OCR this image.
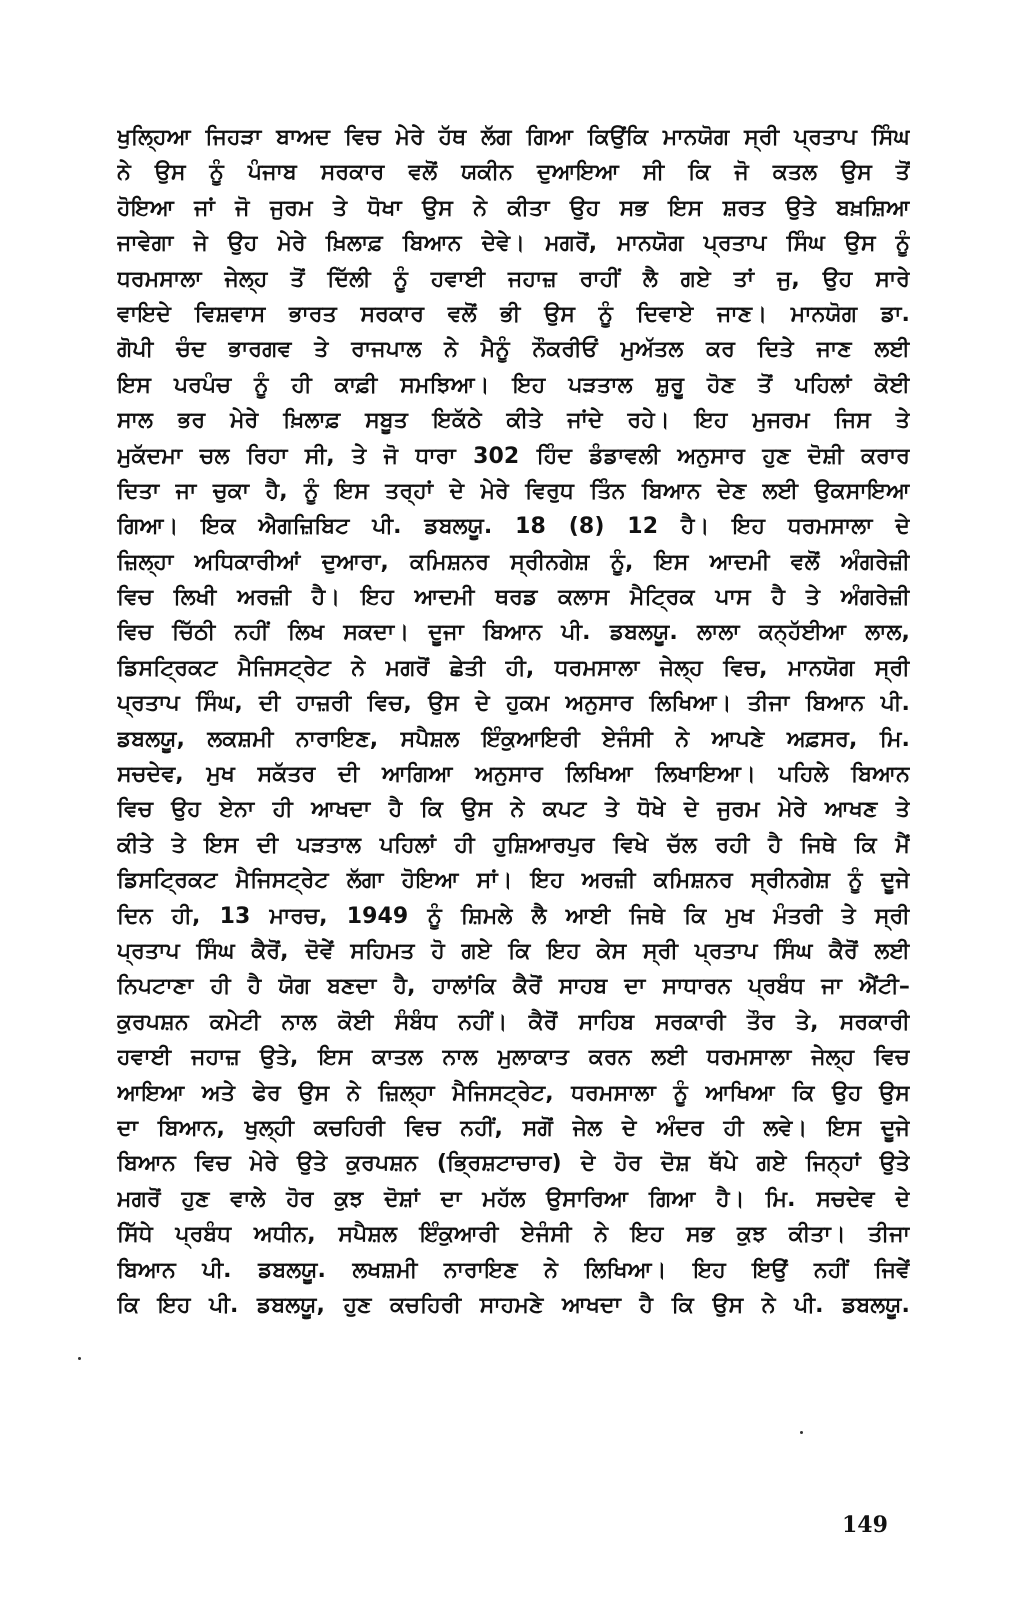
ਖੁਲ੍ਹਿਆ ਜਿਹੜਾ ਬਾਅਦ ਵਿਚ ਮੇਰੇ ਹੱਥ ਲੱਗ ਗਿਆ ਕਿਉਂਕਿ ਮਾਨਯੋਗ ਸ੍ਰੀ ਪ੍ਰਤਾਪ ਸਿੰਘ
ਨੇ ਉਸ ਨੂੰ ਪੰਜਾਬ ਸਰਕਾਰ ਵਲੋਂ ਯਕੀਨ ਦੁਆਇਆ ਸੀ ਕਿ ਜੋ ਕਤਲ ਉਸ ਤੋਂ
ਹੋਇਆ ਜਾਂ ਜੋ ਜੁਰਮ ਤੇ ਧੋਖਾ ਉਸ ਨੇ ਕੀਤਾ ਉਹ ਸਭ ਇਸ ਸ਼ਰਤ ਉਤੇ ਬਖ਼ਸ਼ਿਆ
ਜਾਵੇਗਾ ਜੇ ਉਹ ਮੇਰੇ ਖ਼ਿਲਾਫ਼ ਬਿਆਨ ਦੇਵੇ। ਮਗਰੋਂ, ਮਾਨਯੋਗ ਪ੍ਰਤਾਪ ਸਿੰਘ ਉਸ ਨੂੰ
ਧਰਮਸਾਲਾ ਜੇਲ੍ਹ ਤੋਂ ਦਿੱਲੀ ਨੂੰ ਹਵਾਈ ਜਹਾਜ਼ ਰਾਹੀਂ ਲੈ ਗਏ ਤਾਂ ਜੁ, ਉਹ ਸਾਰੇ
ਵਾਇਦੇ ਵਿਸ਼ਵਾਸ ਭਾਰਤ ਸਰਕਾਰ ਵਲੋਂ ਭੀ ਉਸ ਨੂੰ ਦਿਵਾਏ ਜਾਣ। ਮਾਨਯੋਗ ਡਾ.
ਗੋਪੀ ਚੰਦ ਭਾਰਗਵ ਤੇ ਰਾਜਪਾਲ ਨੇ ਮੈਨੂੰ ਨੌਕਰੀਓਂ ਮੁਅੱਤਲ ਕਰ ਦਿਤੇ ਜਾਣ ਲਈ
ਇਸ ਪਰਪੰਚ ਨੂੰ ਹੀ ਕਾਫ਼ੀ ਸਮਝਿਆ। ਇਹ ਪੜਤਾਲ ਸ਼ੁਰੂ ਹੋਣ ਤੋਂ ਪਹਿਲਾਂ ਕੋਈ
ਸਾਲ ਭਰ ਮੇਰੇ ਖ਼ਿਲਾਫ਼ ਸਬੂਤ ਇਕੱਠੇ ਕੀਤੇ ਜਾਂਦੇ ਰਹੇ। ਇਹ ਮੁਜਰਮ ਜਿਸ ਤੇ
ਮੁਕੱਦਮਾ ਚਲ ਰਿਹਾ ਸੀ, ਤੇ ਜੋ ਧਾਰਾ 302 ਹਿੰਦ ਡੰਡਾਵਲੀ ਅਨੁਸਾਰ ਹੁਣ ਦੋਸ਼ੀ ਕਰਾਰ
ਦਿਤਾ ਜਾ ਚੁਕਾ ਹੈ, ਨੂੰ ਇਸ ਤਰ੍ਹਾਂ ਦੇ ਮੇਰੇ ਵਿਰੁਧ ਤਿੰਨ ਬਿਆਨ ਦੇਣ ਲਈ ਉਕਸਾਇਆ
ਗਿਆ। ਇਕ ਐਗਜ਼ਿਬਿਟ ਪੀ. ਡਬਲਯੂ. 18 (8) 12 ਹੈ। ਇਹ ਧਰਮਸਾਲਾ ਦੇ
ਜ਼ਿਲ੍ਹਾ ਅਧਿਕਾਰੀਆਂ ਦੁਆਰਾ, ਕਮਿਸ਼ਨਰ ਸ੍ਰੀਨਗੇਸ਼ ਨੂੰ, ਇਸ ਆਦਮੀ ਵਲੋਂ ਅੰਗਰੇਜ਼ੀ
ਵਿਚ ਲਿਖੀ ਅਰਜ਼ੀ ਹੈ। ਇਹ ਆਦਮੀ ਥਰਡ ਕਲਾਸ ਮੈਟ੍ਰਿਕ ਪਾਸ ਹੈ ਤੇ ਅੰਗਰੇਜ਼ੀ
ਵਿਚ ਚਿੱਠੀ ਨਹੀਂ ਲਿਖ ਸਕਦਾ। ਦੂਜਾ ਬਿਆਨ ਪੀ. ਡਬਲਯੂ. ਲਾਲਾ ਕਨ੍ਹੱਈਆ ਲਾਲ,
ਡਿਸਟ੍ਰਿਕਟ ਮੈਜਿਸਟ੍ਰੇਟ ਨੇ ਮਗਰੋਂ ਛੇਤੀ ਹੀ, ਧਰਮਸਾਲਾ ਜੇਲ੍ਹ ਵਿਚ, ਮਾਨਯੋਗ ਸ੍ਰੀ
ਪ੍ਰਤਾਪ ਸਿੰਘ, ਦੀ ਹਾਜ਼ਰੀ ਵਿਚ, ਉਸ ਦੇ ਹੁਕਮ ਅਨੁਸਾਰ ਲਿਖਿਆ। ਤੀਜਾ ਬਿਆਨ ਪੀ.
ਡਬਲਯੂ, ਲਕਸ਼ਮੀ ਨਾਰਾਇਣ, ਸਪੈਸ਼ਲ ਇੰਕੁਆਇਰੀ ਏਜੰਸੀ ਨੇ ਆਪਣੇ ਅਫ਼ਸਰ, ਮਿ.
ਸਚਦੇਵ, ਮੁਖ ਸਕੱਤਰ ਦੀ ਆਗਿਆ ਅਨੁਸਾਰ ਲਿਖਿਆ ਲਿਖਾਇਆ। ਪਹਿਲੇ ਬਿਆਨ
ਵਿਚ ਉਹ ਏਨਾ ਹੀ ਆਖਦਾ ਹੈ ਕਿ ਉਸ ਨੇ ਕਪਟ ਤੇ ਧੋਖੇ ਦੇ ਜੁਰਮ ਮੇਰੇ ਆਖਣ ਤੇ
ਕੀਤੇ ਤੇ ਇਸ ਦੀ ਪੜਤਾਲ ਪਹਿਲਾਂ ਹੀ ਹੁਸ਼ਿਆਰਪੁਰ ਵਿਖੇ ਚੱਲ ਰਹੀ ਹੈ ਜਿਥੇ ਕਿ ਮੈਂ
ਡਿਸਟ੍ਰਿਕਟ ਮੈਜਿਸਟ੍ਰੇਟ ਲੱਗਾ ਹੋਇਆ ਸਾਂ। ਇਹ ਅਰਜ਼ੀ ਕਮਿਸ਼ਨਰ ਸ੍ਰੀਨਗੇਸ਼ ਨੂੰ ਦੂਜੇ
ਦਿਨ ਹੀ, 13 ਮਾਰਚ, 1949 ਨੂੰ ਸ਼ਿਮਲੇ ਲੈ ਆਈ ਜਿਥੇ ਕਿ ਮੁਖ ਮੰਤਰੀ ਤੇ ਸ੍ਰੀ
ਪ੍ਰਤਾਪ ਸਿੰਘ ਕੈਰੋਂ, ਦੋਵੇਂ ਸਹਿਮਤ ਹੋ ਗਏ ਕਿ ਇਹ ਕੇਸ ਸ੍ਰੀ ਪ੍ਰਤਾਪ ਸਿੰਘ ਕੈਰੋਂ ਲਈ
ਨਿਪਟਾਣਾ ਹੀ ਹੈ ਯੋਗ ਬਣਦਾ ਹੈ, ਹਾਲਾਂਕਿ ਕੈਰੋਂ ਸਾਹਬ ਦਾ ਸਾਧਾਰਨ ਪ੍ਰਬੰਧ ਜਾ ਐਂਟੀ–
ਕੁਰਪਸ਼ਨ ਕਮੇਟੀ ਨਾਲ ਕੋਈ ਸੰਬੰਧ ਨਹੀਂ। ਕੈਰੋਂ ਸਾਹਿਬ ਸਰਕਾਰੀ ਤੌਰ ਤੇ, ਸਰਕਾਰੀ
ਹਵਾਈ ਜਹਾਜ਼ ਉਤੇ, ਇਸ ਕਾਤਲ ਨਾਲ ਮੁਲਾਕਾਤ ਕਰਨ ਲਈ ਧਰਮਸਾਲਾ ਜੇਲ੍ਹ ਵਿਚ
ਆਇਆ ਅਤੇ ਫੇਰ ਉਸ ਨੇ ਜ਼ਿਲ੍ਹਾ ਮੈਜਿਸਟ੍ਰੇਟ, ਧਰਮਸਾਲਾ ਨੂੰ ਆਖਿਆ ਕਿ ਉਹ ਉਸ
ਦਾ ਬਿਆਨ, ਖੁਲ੍ਹੀ ਕਚਹਿਰੀ ਵਿਚ ਨਹੀਂ, ਸਗੋਂ ਜੇਲ ਦੇ ਅੰਦਰ ਹੀ ਲਵੇ। ਇਸ ਦੂਜੇ
ਬਿਆਨ ਵਿਚ ਮੇਰੇ ਉਤੇ ਕੁਰਪਸ਼ਨ (ਭ੍ਰਿਸ਼ਟਾਚਾਰ) ਦੇ ਹੋਰ ਦੋਸ਼ ਥੱਪੇ ਗਏ ਜਿਨ੍ਹਾਂ ਉਤੇ
ਮਗਰੋਂ ਹੁਣ ਵਾਲੇ ਹੋਰ ਕੁਝ ਦੋਸ਼ਾਂ ਦਾ ਮਹੱਲ ਉਸਾਰਿਆ ਗਿਆ ਹੈ। ਮਿ. ਸਚਦੇਵ ਦੇ
ਸਿੱਧੇ ਪ੍ਰਬੰਧ ਅਧੀਨ, ਸਪੈਸ਼ਲ ਇੰਕੁਆਰੀ ਏਜੰਸੀ ਨੇ ਇਹ ਸਭ ਕੁਝ ਕੀਤਾ। ਤੀਜਾ
ਬਿਆਨ ਪੀ. ਡਬਲਯੂ. ਲਖਸ਼ਮੀ ਨਾਰਾਇਣ ਨੇ ਲਿਖਿਆ। ਇਹ ਇਉਂ ਨਹੀਂ ਜਿਵੇਂ
ਕਿ ਇਹ ਪੀ. ਡਬਲਯੂ, ਹੁਣ ਕਚਹਿਰੀ ਸਾਹਮਣੇ ਆਖਦਾ ਹੈ ਕਿ ਉਸ ਨੇ ਪੀ. ਡਬਲਯੂ.
149
